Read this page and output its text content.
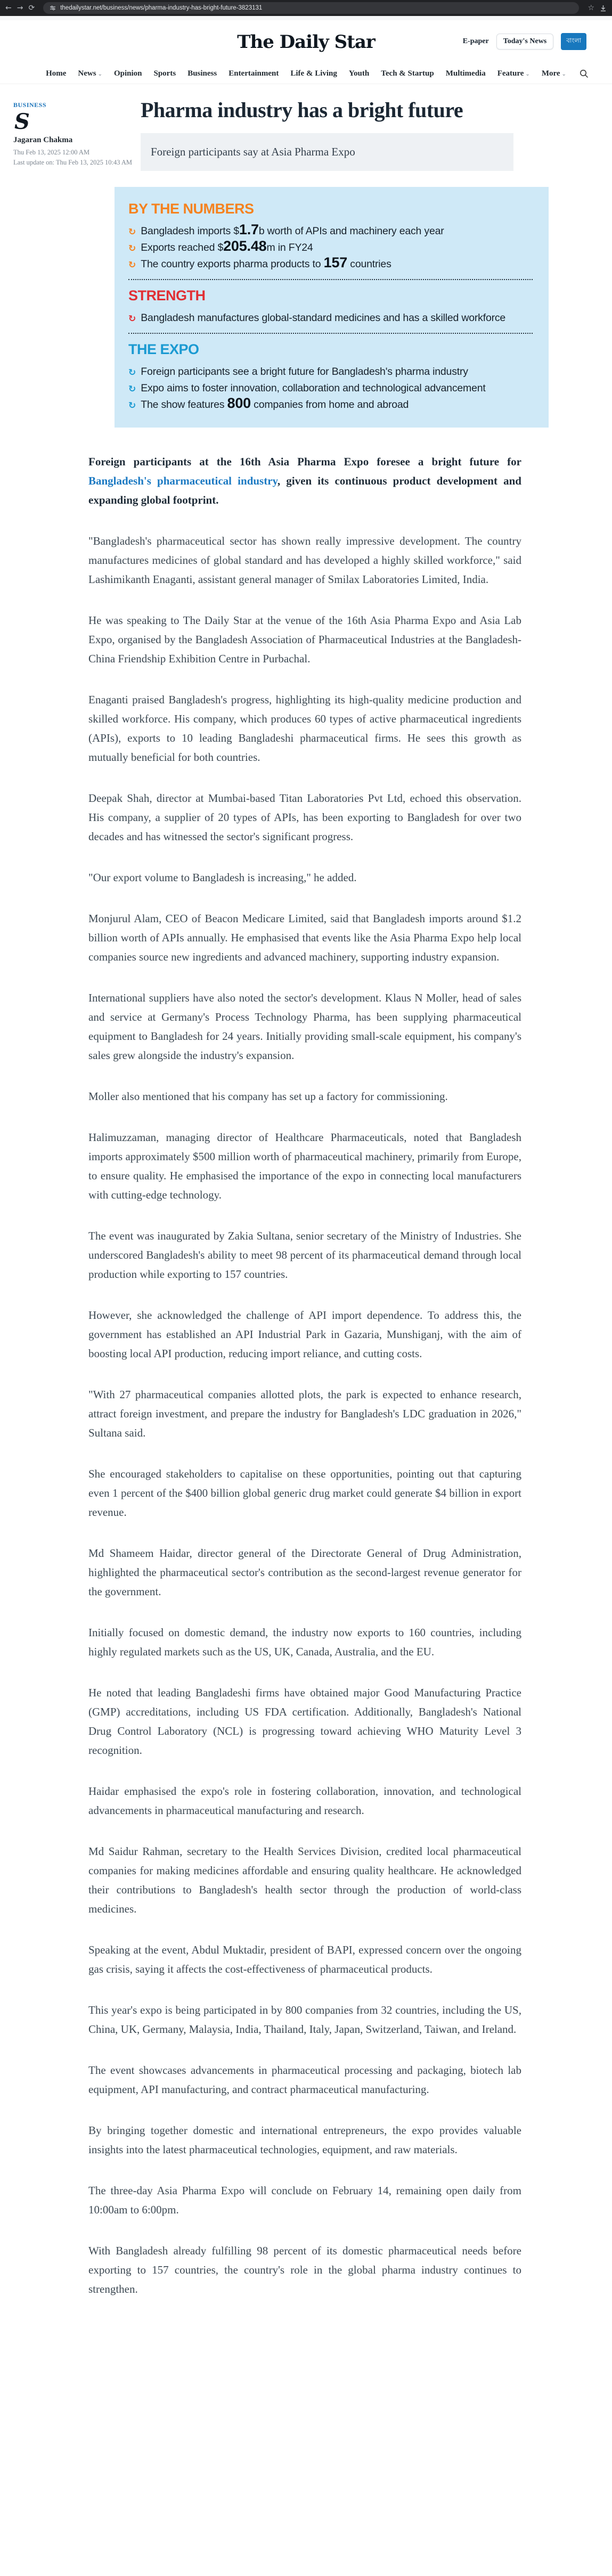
← → ⟳	thedailystar.net/business/news/pharma-industry-has-bright-future-3823131	☆
The Daily Star	E-paper	Today's News	বাংলা
Home News ⌄ Opinion Sports Business Entertainment Life & Living Youth Tech & Startup Multimedia Feature ⌄ More ⌄
BUSINESS
S
Jagaran Chakma
Thu Feb 13, 2025 12:00 AM
Last update on: Thu Feb 13, 2025 10:43 AM
Pharma industry has a bright future
Foreign participants say at Asia Pharma Expo
BY THE NUMBERS
↻ Bangladesh imports $1.7b worth of APIs and machinery each year
↻ Exports reached $205.48m in FY24
↻ The country exports pharma products to 157 countries
STRENGTH
↻ Bangladesh manufactures global-standard medicines and has a skilled workforce
THE EXPO
↻ Foreign participants see a bright future for Bangladesh's pharma industry
↻ Expo aims to foster innovation, collaboration and technological advancement
↻ The show features 800 companies from home and abroad

Foreign participants at the 16th Asia Pharma Expo foresee a bright future for Bangladesh's pharmaceutical industry, given its continuous product development and expanding global footprint.

"Bangladesh's pharmaceutical sector has shown really impressive development. The country manufactures medicines of global standard and has developed a highly skilled workforce," said Lashimikanth Enaganti, assistant general manager of Smilax Laboratories Limited, India.

He was speaking to The Daily Star at the venue of the 16th Asia Pharma Expo and Asia Lab Expo, organised by the Bangladesh Association of Pharmaceutical Industries at the Bangladesh-China Friendship Exhibition Centre in Purbachal.

Enaganti praised Bangladesh's progress, highlighting its high-quality medicine production and skilled workforce. His company, which produces 60 types of active pharmaceutical ingredients (APIs), exports to 10 leading Bangladeshi pharmaceutical firms. He sees this growth as mutually beneficial for both countries.

Deepak Shah, director at Mumbai-based Titan Laboratories Pvt Ltd, echoed this observation. His company, a supplier of 20 types of APIs, has been exporting to Bangladesh for over two decades and has witnessed the sector's significant progress.

"Our export volume to Bangladesh is increasing," he added.

Monjurul Alam, CEO of Beacon Medicare Limited, said that Bangladesh imports around $1.2 billion worth of APIs annually. He emphasised that events like the Asia Pharma Expo help local companies source new ingredients and advanced machinery, supporting industry expansion.

International suppliers have also noted the sector's development. Klaus N Moller, head of sales and service at Germany's Process Technology Pharma, has been supplying pharmaceutical equipment to Bangladesh for 24 years. Initially providing small-scale equipment, his company's sales grew alongside the industry's expansion.

Moller also mentioned that his company has set up a factory for commissioning.

Halimuzzaman, managing director of Healthcare Pharmaceuticals, noted that Bangladesh imports approximately $500 million worth of pharmaceutical machinery, primarily from Europe, to ensure quality. He emphasised the importance of the expo in connecting local manufacturers with cutting-edge technology.

The event was inaugurated by Zakia Sultana, senior secretary of the Ministry of Industries. She underscored Bangladesh's ability to meet 98 percent of its pharmaceutical demand through local production while exporting to 157 countries.

However, she acknowledged the challenge of API import dependence. To address this, the government has established an API Industrial Park in Gazaria, Munshiganj, with the aim of boosting local API production, reducing import reliance, and cutting costs.

"With 27 pharmaceutical companies allotted plots, the park is expected to enhance research, attract foreign investment, and prepare the industry for Bangladesh's LDC graduation in 2026," Sultana said.

She encouraged stakeholders to capitalise on these opportunities, pointing out that capturing even 1 percent of the $400 billion global generic drug market could generate $4 billion in export revenue.

Md Shameem Haidar, director general of the Directorate General of Drug Administration, highlighted the pharmaceutical sector's contribution as the second-largest revenue generator for the government.

Initially focused on domestic demand, the industry now exports to 160 countries, including highly regulated markets such as the US, UK, Canada, Australia, and the EU.

He noted that leading Bangladeshi firms have obtained major Good Manufacturing Practice (GMP) accreditations, including US FDA certification. Additionally, Bangladesh's National Drug Control Laboratory (NCL) is progressing toward achieving WHO Maturity Level 3 recognition.

Haidar emphasised the expo's role in fostering collaboration, innovation, and technological advancements in pharmaceutical manufacturing and research.

Md Saidur Rahman, secretary to the Health Services Division, credited local pharmaceutical companies for making medicines affordable and ensuring quality healthcare. He acknowledged their contributions to Bangladesh's health sector through the production of world-class medicines.

Speaking at the event, Abdul Muktadir, president of BAPI, expressed concern over the ongoing gas crisis, saying it affects the cost-effectiveness of pharmaceutical products.

This year's expo is being participated in by 800 companies from 32 countries, including the US, China, UK, Germany, Malaysia, India, Thailand, Italy, Japan, Switzerland, Taiwan, and Ireland.

The event showcases advancements in pharmaceutical processing and packaging, biotech lab equipment, API manufacturing, and contract pharmaceutical manufacturing.

By bringing together domestic and international entrepreneurs, the expo provides valuable insights into the latest pharmaceutical technologies, equipment, and raw materials.

The three-day Asia Pharma Expo will conclude on February 14, remaining open daily from 10:00am to 6:00pm.

With Bangladesh already fulfilling 98 percent of its domestic pharmaceutical needs before exporting to 157 countries, the country's role in the global pharma industry continues to strengthen.
